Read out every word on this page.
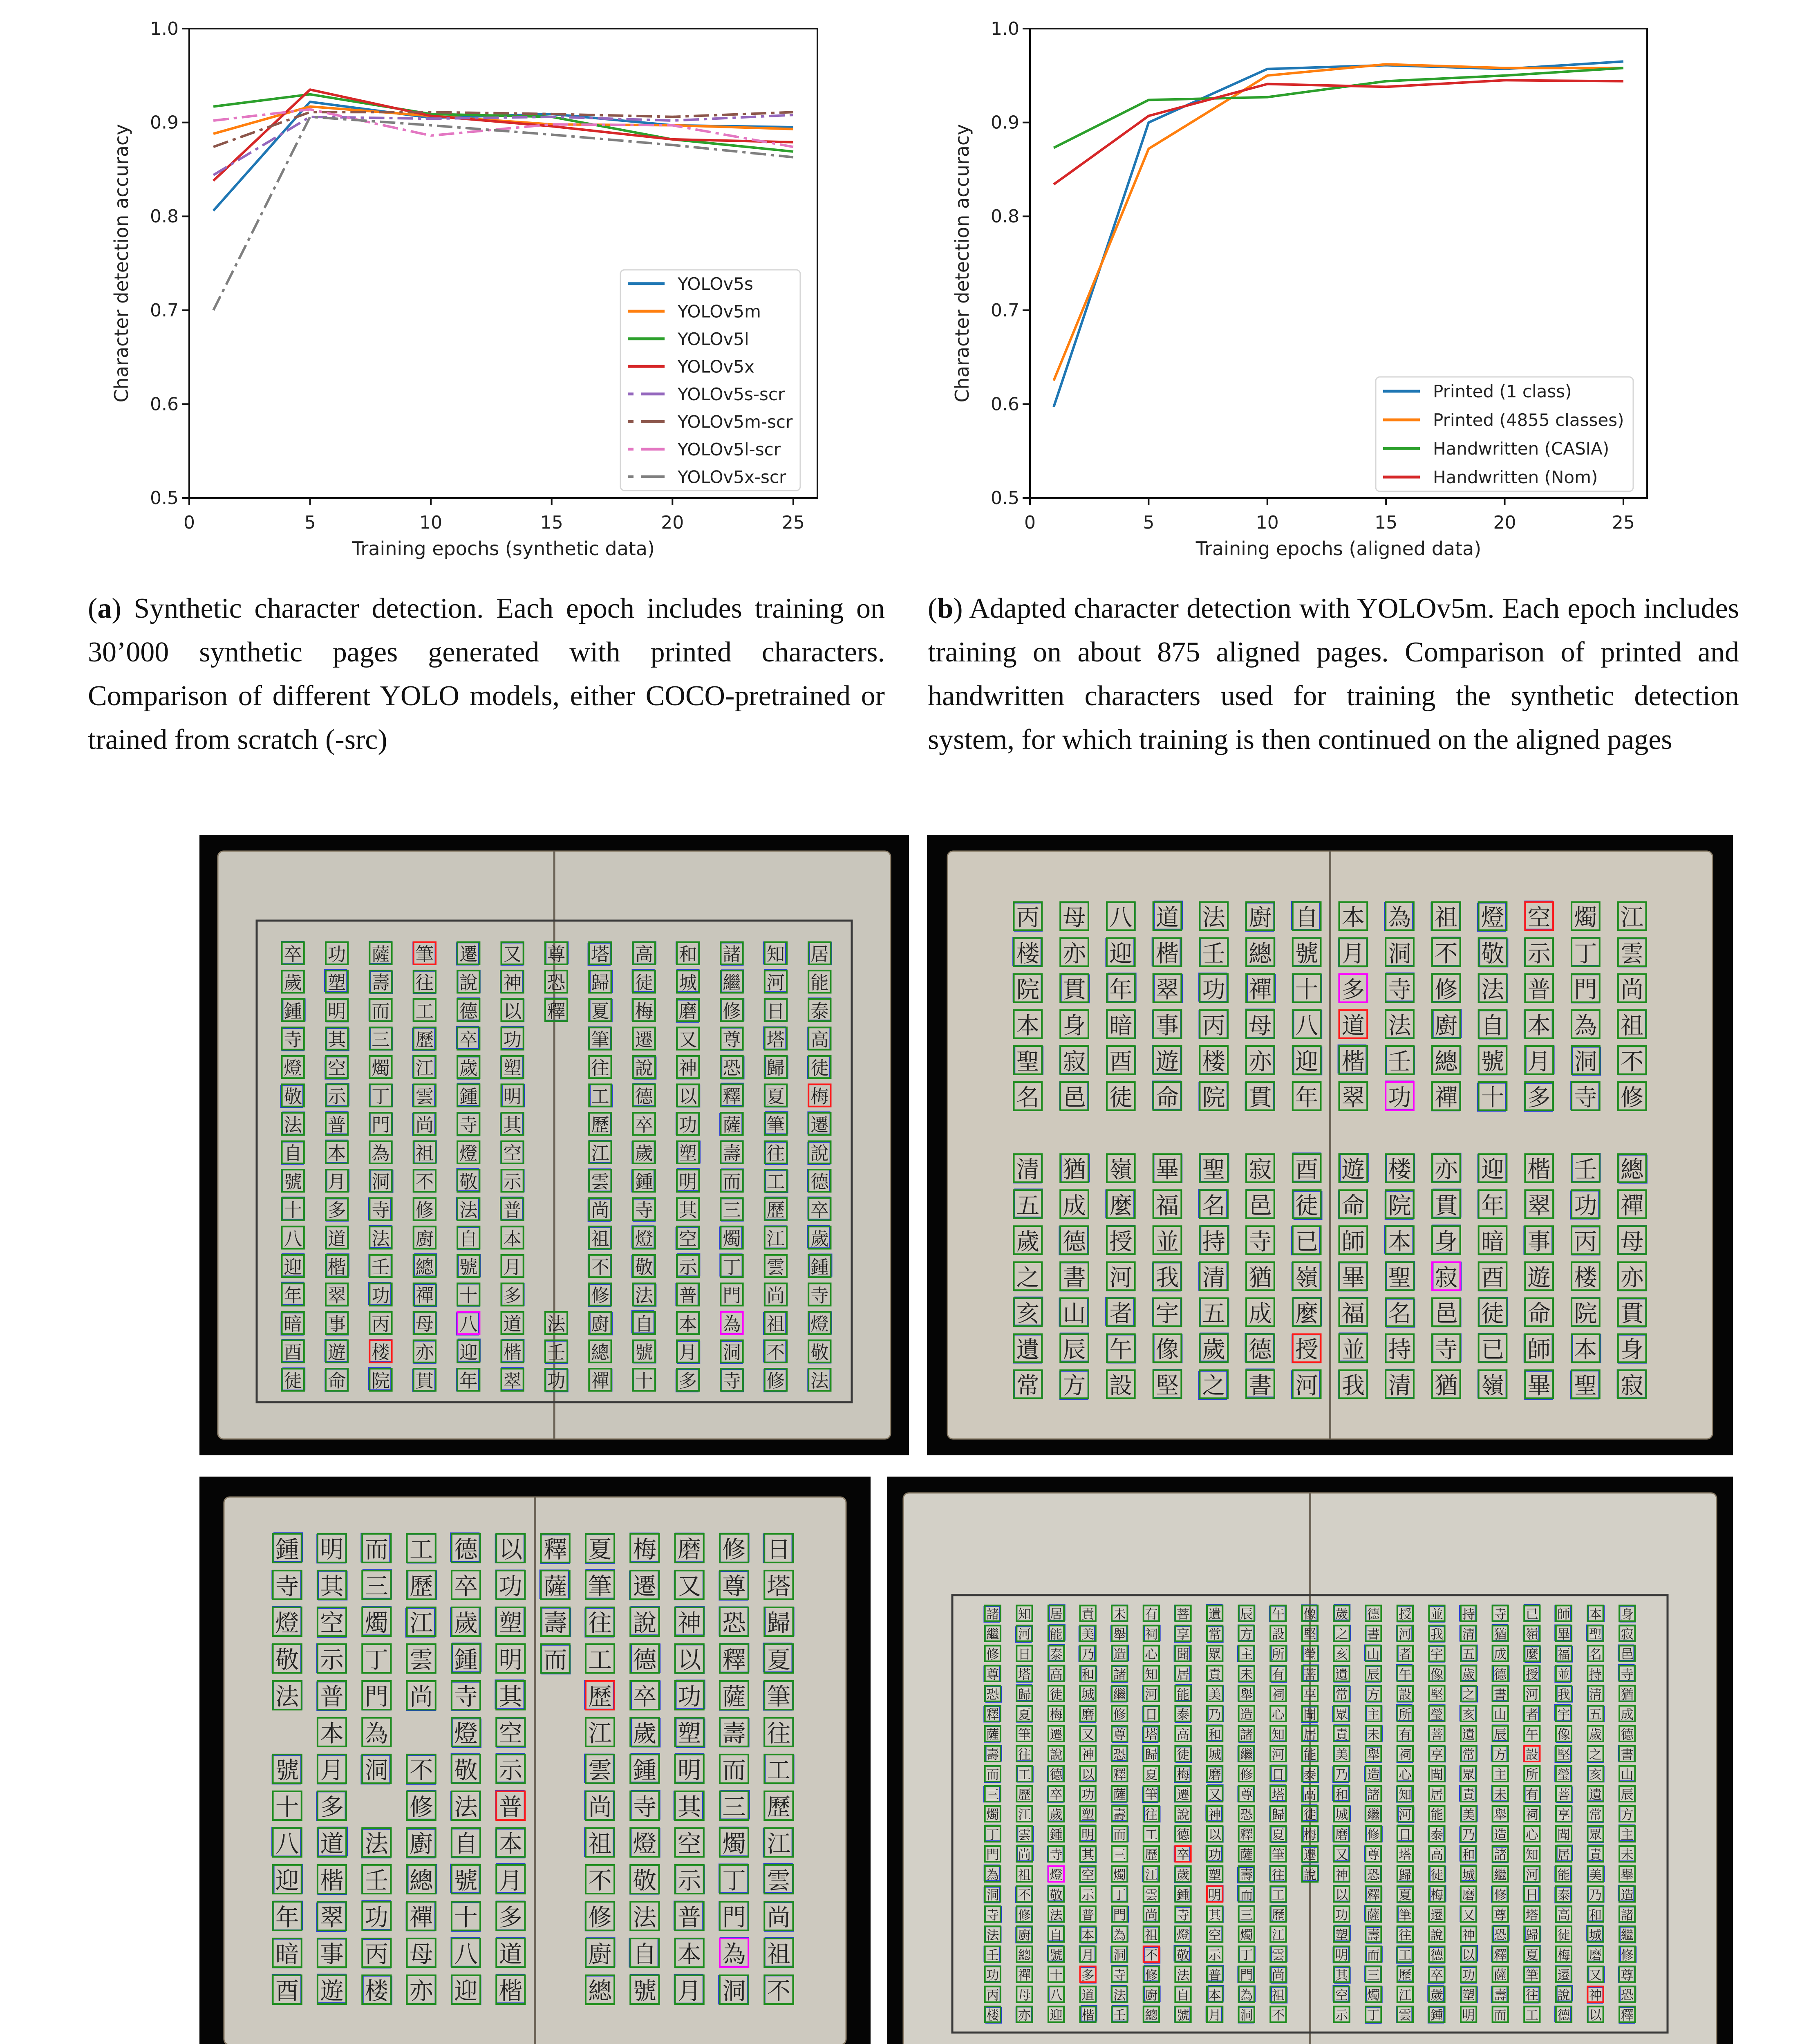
0	5	10	15	20	25
0.5
0.6
0.7
0.8
0.9
1.0
Training epochs (synthetic data)
Character detection accuracy	YOLOv5s
YOLOv5m
YOLOv5l
YOLOv5x
YOLOv5s-scr
YOLOv5m-scr
YOLOv5l-scr
YOLOv5x-scr
0	5	10	15	20	25
0.5
0.6
0.7
0.8
0.9
1.0
Training epochs (aligned data)
Character detection accuracy	Printed (1 class)
Printed (4855 classes)
Handwritten (CASIA)
Handwritten (Nom)
(a) Synthetic character detection. Each epoch includes training on 30’000 synthetic pages generated with printed characters. Comparison of different YOLO models, either COCO-pretrained or trained from scratch (-src)
(b) Adapted character detection with YOLOv5m. Each epoch includes training on about 875 aligned pages. Comparison of printed and handwritten characters used for training the synthetic detection system, for which training is then continued on the aligned pages
卒
歲
鍾
寺
燈
敬
法
自
號
十
八
迎
年
暗
酉
徒
功
塑
明
其
空
示
普
本
月
多
道
楷
翠
事
遊
命
薩
壽
而
三
燭
丁
門
為
洞
寺
法
壬
功
丙
楼
院
筆
往
工
歷
江
雲
尚
祖
不
修
廚
總
禪
母
亦
貫
遷
說
德
卒
歲
鍾
寺
燈
敬
法
自
號
十
八
迎
年
又
神
以
功
塑
明
其
空
示
普
本
月
多
道
楷
翠
尊
恐
釋
法
壬
功
塔
歸
夏
筆
往
工
歷
江
雲
尚
祖
不
修
廚
總
禪
高
徒
梅
遷
說
德
卒
歲
鍾
寺
燈
敬
法
自
號
十
和
城
磨
又
神
以
功
塑
明
其
空
示
普
本
月
多
諸
繼
修
尊
恐
釋
薩
壽
而
三
燭
丁
門
為
洞
寺
知
河
日
塔
歸
夏
筆
往
工
歷
江
雲
尚
祖
不
修
居
能
泰
高
徒
梅
遷
說
德
卒
歲
鍾
寺
燈
敬
法
丙
楼
院
本
聖
名
清
五
歲
之
亥
遺
常
母
亦
貫
身
寂
邑
猶
成
德
書
山
辰
方
八
迎
年
暗
酉
徒
嶺
麼
授
河
者
午
設
道
楷
翠
事
遊
命
畢
福
並
我
宇
像
堅
法
壬
功
丙
楼
院
聖
名
持
清
五
歲
之
廚
總
禪
母
亦
貫
寂
邑
寺
猶
成
德
書
自
號
十
八
迎
年
酉
徒
已
嶺
麼
授
河
本
月
多
道
楷
翠
遊
命
師
畢
福
並
我
為
洞
寺
法
壬
功
楼
院
本
聖
名
持
清
祖
不
修
廚
總
禪
亦
貫
身
寂
邑
寺
猶
燈
敬
法
自
號
十
迎
年
暗
酉
徒
已
嶺
空
示
普
本
月
多
楷
翠
事
遊
命
師
畢
燭
丁
門
為
洞
寺
壬
功
丙
楼
院
本
聖
江
雲
尚
祖
不
修
總
禪
母
亦
貫
身
寂
鍾
寺
燈
敬
法
號
十
八
迎
年
暗
酉
明
其
空
示
普
本
月
多
道
楷
翠
事
遊
而
三
燭
丁
門
為
洞
法
壬
功
丙
楼
工
歷
江
雲
尚
不
修
廚
總
禪
母
亦
德
卒
歲
鍾
寺
燈
敬
法
自
號
十
八
迎
以
功
塑
明
其
空
示
普
本
月
多
道
楷
釋
薩
壽
而
夏
筆
往
工
歷
江
雲
尚
祖
不
修
廚
總
梅
遷
說
德
卒
歲
鍾
寺
燈
敬
法
自
號
磨
又
神
以
功
塑
明
其
空
示
普
本
月
修
尊
恐
釋
薩
壽
而
三
燭
丁
門
為
洞
日
塔
歸
夏
筆
往
工
歷
江
雲
尚
祖
不
諸
繼
修
尊
恐
釋
薩
壽
而
三
燭
丁
門
為
洞
寺
法
壬
功
丙
楼
知
河
日
塔
歸
夏
筆
往
工
歷
江
雲
尚
祖
不
修
廚
總
禪
母
亦
居
能
泰
高
徒
梅
遷
說
德
卒
歲
鍾
寺
燈
敬
法
自
號
十
八
迎
責
美
乃
和
城
磨
又
神
以
功
塑
明
其
空
示
普
本
月
多
道
楷
未
舉
造
諸
繼
修
尊
恐
釋
薩
壽
而
三
燭
丁
門
為
洞
寺
法
壬
有
祠
心
知
河
日
塔
歸
夏
筆
往
工
歷
江
雲
尚
祖
不
修
廚
總
菩
享
聞
居
能
泰
高
徒
梅
遷
說
德
卒
歲
鍾
寺
燈
敬
法
自
號
遺
常
眾
責
美
乃
和
城
磨
又
神
以
功
塑
明
其
空
示
普
本
月
辰
方
主
未
舉
造
諸
繼
修
尊
恐
釋
薩
壽
而
三
燭
丁
門
為
洞
午
設
所
有
祠
心
知
河
日
塔
歸
夏
筆
往
工
歷
江
雲
尚
祖
不
像
堅
瑩
菩
享
聞
居
能
泰
高
徒
梅
遷
說
歲
之
亥
遺
常
眾
責
美
乃
和
城
磨
又
神
以
功
塑
明
其
空
示
德
書
山
辰
方
主
未
舉
造
諸
繼
修
尊
恐
釋
薩
壽
而
三
燭
丁
授
河
者
午
設
所
有
祠
心
知
河
日
塔
歸
夏
筆
往
工
歷
江
雲
並
我
宇
像
堅
瑩
菩
享
聞
居
能
泰
高
徒
梅
遷
說
德
卒
歲
鍾
持
清
五
歲
之
亥
遺
常
眾
責
美
乃
和
城
磨
又
神
以
功
塑
明
寺
猶
成
德
書
山
辰
方
主
未
舉
造
諸
繼
修
尊
恐
釋
薩
壽
而
已
嶺
麼
授
河
者
午
設
所
有
祠
心
知
河
日
塔
歸
夏
筆
往
工
師
畢
福
並
我
宇
像
堅
瑩
菩
享
聞
居
能
泰
高
徒
梅
遷
說
德
本
聖
名
持
清
五
歲
之
亥
遺
常
眾
責
美
乃
和
城
磨
又
神
以
身
寂
邑
寺
猶
成
德
書
山
辰
方
主
未
舉
造
諸
繼
修
尊
恐
釋
